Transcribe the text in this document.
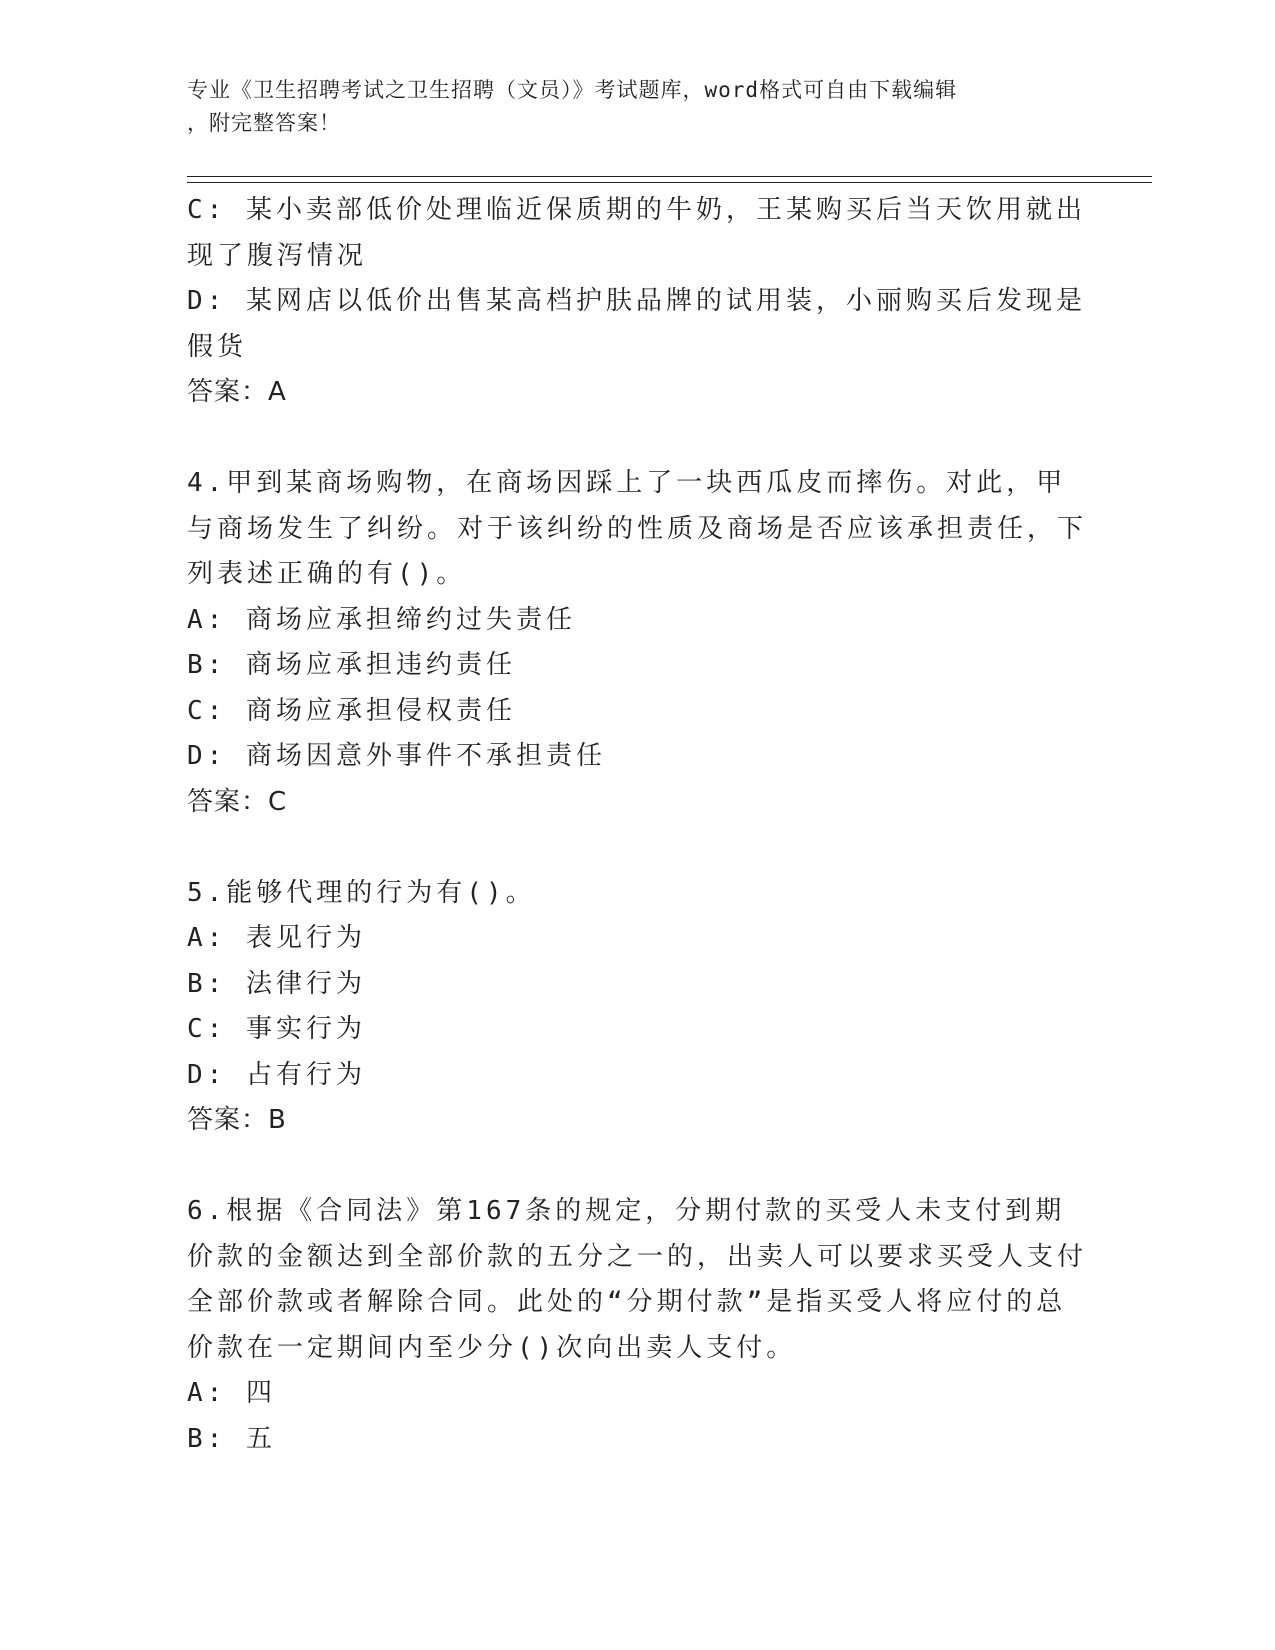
专业《卫生招聘考试之卫生招聘（文员）》考试题库，word格式可自由下载编辑
，附完整答案！

C: 某小卖部低价处理临近保质期的牛奶，王某购买后当天饮用就出现了腹泻情况

D: 某网店以低价出售某高档护肤品牌的试用装，小丽购买后发现是假货

答案：A

4.甲到某商场购物，在商场因踩上了一块西瓜皮而摔伤。对此，甲与商场发生了纠纷。对于该纠纷的性质及商场是否应该承担责任，下列表述正确的有()。

A: 商场应承担缔约过失责任

B: 商场应承担违约责任

C: 商场应承担侵权责任

D: 商场因意外事件不承担责任

答案：C

5.能够代理的行为有()。

A: 表见行为

B: 法律行为

C: 事实行为

D: 占有行为

答案：B

6.根据《合同法》第167条的规定，分期付款的买受人未支付到期价款的金额达到全部价款的五分之一的，出卖人可以要求买受人支付全部价款或者解除合同。此处的“分期付款”是指买受人将应付的总价款在一定期间内至少分()次向出卖人支付。

A: 四

B: 五
